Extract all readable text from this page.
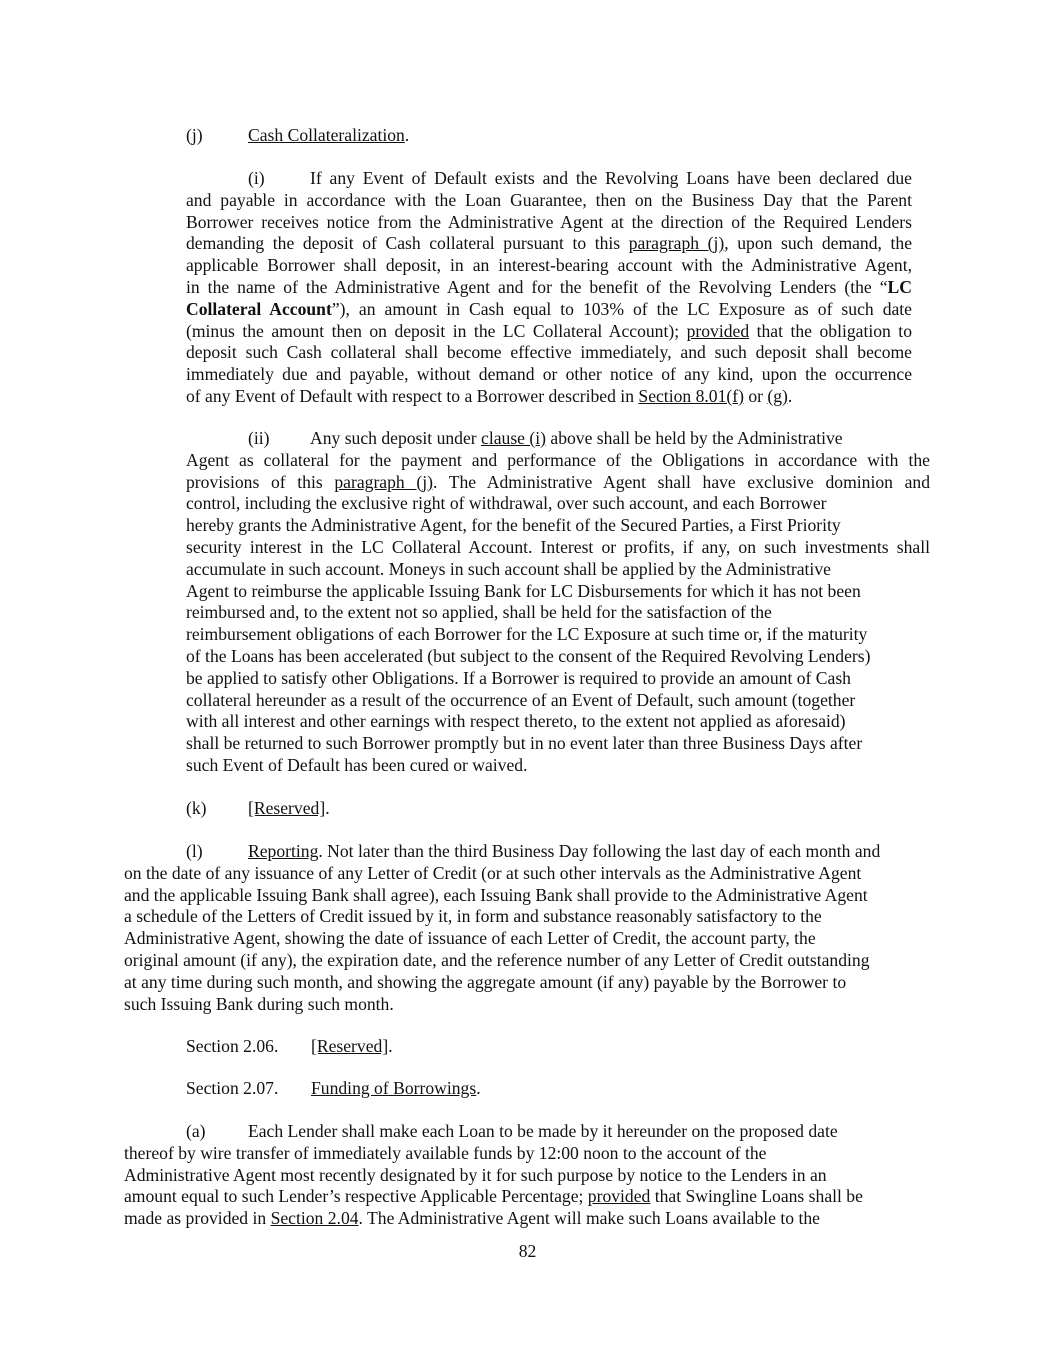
(j)	Cash Collateralization.
(i)	If any Event of Default exists and the Revolving Loans have been declared due
and payable in accordance with the Loan Guarantee, then on the Business Day that the Parent
Borrower receives notice from the Administrative Agent at the direction of the Required Lenders
demanding the deposit of Cash collateral pursuant to this paragraph (j), upon such demand, the
applicable Borrower shall deposit, in an interest-bearing account with the Administrative Agent,
in the name of the Administrative Agent and for the benefit of the Revolving Lenders (the “LC
Collateral Account”), an amount in Cash equal to 103% of the LC Exposure as of such date
(minus the amount then on deposit in the LC Collateral Account); provided that the obligation to
deposit such Cash collateral shall become effective immediately, and such deposit shall become
immediately due and payable, without demand or other notice of any kind, upon the occurrence
of any Event of Default with respect to a Borrower described in Section 8.01(f) or (g).
(ii) Any such deposit under clause (i) above shall be held by the Administrative
Agent as collateral for the payment and performance of the Obligations in accordance with the
provisions of this paragraph (j). The Administrative Agent shall have exclusive dominion and
control, including the exclusive right of withdrawal, over such account, and each Borrower
hereby grants the Administrative Agent, for the benefit of the Secured Parties, a First Priority
security interest in the LC Collateral Account. Interest or profits, if any, on such investments shall
accumulate in such account. Moneys in such account shall be applied by the Administrative
Agent to reimburse the applicable Issuing Bank for LC Disbursements for which it has not been
reimbursed and, to the extent not so applied, shall be held for the satisfaction of the
reimbursement obligations of each Borrower for the LC Exposure at such time or, if the maturity
of the Loans has been accelerated (but subject to the consent of the Required Revolving Lenders)
be applied to satisfy other Obligations. If a Borrower is required to provide an amount of Cash
collateral hereunder as a result of the occurrence of an Event of Default, such amount (together
with all interest and other earnings with respect thereto, to the extent not applied as aforesaid)
shall be returned to such Borrower promptly but in no event later than three Business Days after
such Event of Default has been cured or waived.
(k) [Reserved].
(l)	Reporting. Not later than the third Business Day following the last day of each month and
on the date of any issuance of any Letter of Credit (or at such other intervals as the Administrative Agent
and the applicable Issuing Bank shall agree), each Issuing Bank shall provide to the Administrative Agent
a schedule of the Letters of Credit issued by it, in form and substance reasonably satisfactory to the
Administrative Agent, showing the date of issuance of each Letter of Credit, the account party, the
original amount (if any), the expiration date, and the reference number of any Letter of Credit outstanding
at any time during such month, and showing the aggregate amount (if any) payable by the Borrower to
such Issuing Bank during such month.
Section 2.06. [Reserved].
Section 2.07. Funding of Borrowings.
(a) Each Lender shall make each Loan to be made by it hereunder on the proposed date
thereof by wire transfer of immediately available funds by 12:00 noon to the account of the
Administrative Agent most recently designated by it for such purpose by notice to the Lenders in an
amount equal to such Lender’s respective Applicable Percentage; provided that Swingline Loans shall be
made as provided in Section 2.04. The Administrative Agent will make such Loans available to the
82
